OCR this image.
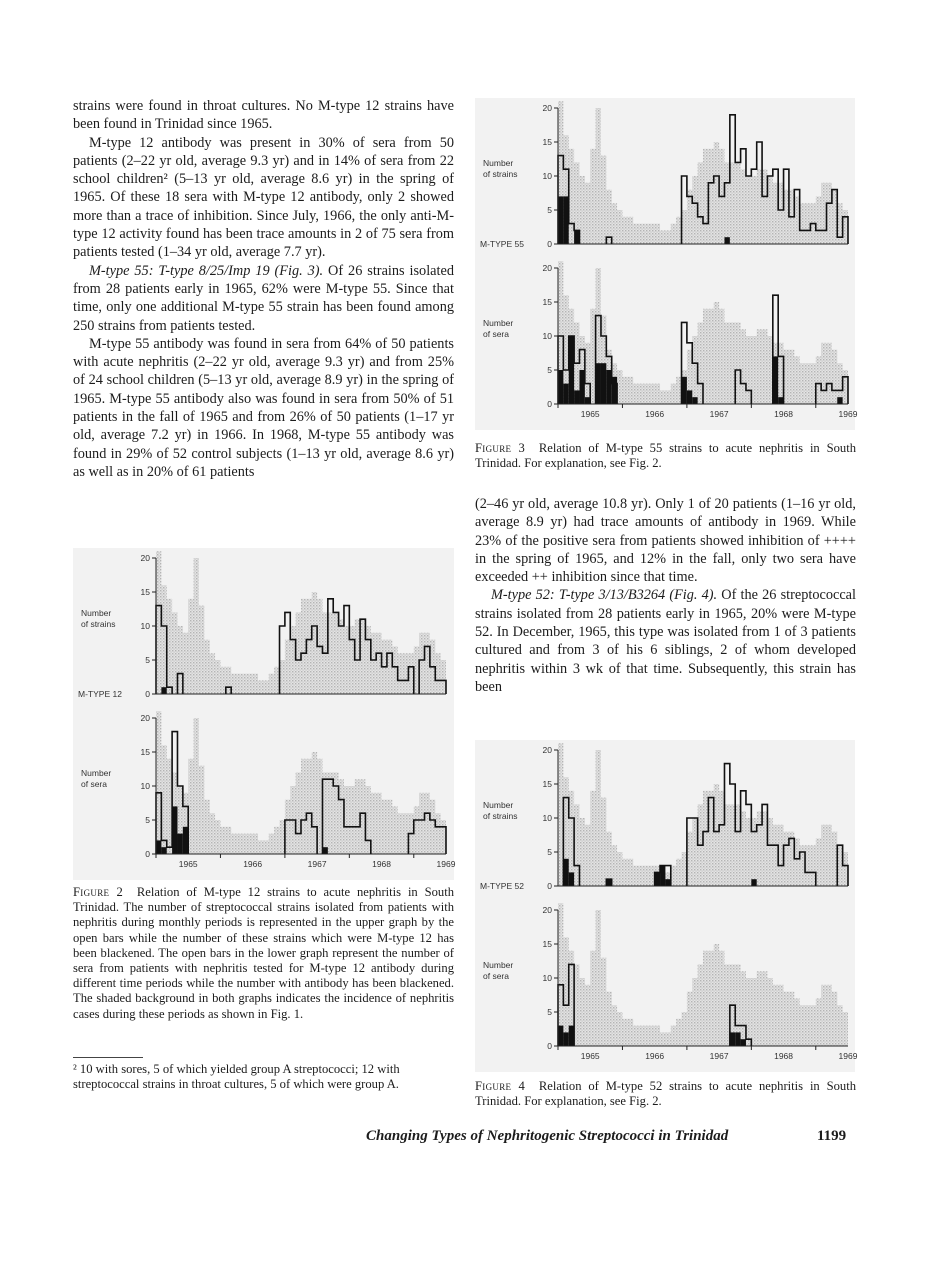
strains were found in throat cultures. No M-type 12 strains have been found in Trinidad since 1965.

M-type 12 antibody was present in 30% of sera from 50 patients (2–22 yr old, average 9.3 yr) and in 14% of sera from 22 school children² (5–13 yr old, average 8.6 yr) in the spring of 1965. Of these 18 sera with M-type 12 antibody, only 2 showed more than a trace of inhibition. Since July, 1966, the only anti-M-type 12 activity found has been trace amounts in 2 of 75 sera from patients tested (1–34 yr old, average 7.7 yr).

M-type 55: T-type 8/25/Imp 19 (Fig. 3). Of 26 strains isolated from 28 patients early in 1965, 62% were M-type 55. Since that time, only one additional M-type 55 strain has been found among 250 strains from patients tested.

M-type 55 antibody was found in sera from 64% of 50 patients with acute nephritis (2–22 yr old, average 9.3 yr) and from 25% of 24 school children (5–13 yr old, average 8.9 yr) in the spring of 1965. M-type 55 antibody also was found in sera from 50% of 51 patients in the fall of 1965 and from 26% of 50 patients (1–17 yr old, average 7.2 yr) in 1966. In 1968, M-type 55 antibody was found in 29% of 52 control subjects (1–13 yr old, average 8.6 yr) as well as in 20% of 61 patients

20
15
10
5
0
Number
of strains
M-TYPE 55
20
15
10
5
0
Number
of sera
1965	1966	1967	1968	1969
Figure 3 Relation of M-type 55 strains to acute nephritis in South Trinidad. For explanation, see Fig. 2.

(2–46 yr old, average 10.8 yr). Only 1 of 20 patients (1–16 yr old, average 8.9 yr) had trace amounts of antibody in 1969. While 23% of the positive sera from patients showed inhibition of ++++ in the spring of 1965, and 12% in the fall, only two sera have exceeded ++ inhibition since that time.

M-type 52: T-type 3/13/B3264 (Fig. 4). Of the 26 streptococcal strains isolated from 28 patients early in 1965, 20% were M-type 52. In December, 1965, this type was isolated from 1 of 3 patients cultured and from 3 of his 6 siblings, 2 of whom developed nephritis within 3 wk of that time. Subsequently, this strain has been

20
15
10
5
0
Number
of strains
M-TYPE 12
20
15
10
5
0
Number
of sera
1965	1966	1967	1968	1969
Figure 2 Relation of M-type 12 strains to acute nephritis in South Trinidad. The number of streptococcal strains isolated from patients with nephritis during monthly periods is represented in the upper graph by the open bars while the number of these strains which were M-type 12 has been blackened. The open bars in the lower graph represent the number of sera from patients with nephritis tested for M-type 12 antibody during different time periods while the number with antibody has been blackened. The shaded background in both graphs indicates the incidence of nephritis cases during these periods as shown in Fig. 1.
20
15
10
5
0
Number
of strains
M-TYPE 52
20
15
10
5
0
Number
of sera
1965	1966	1967	1968	1969
Figure 4 Relation of M-type 52 strains to acute nephritis in South Trinidad. For explanation, see Fig. 2.
² 10 with sores, 5 of which yielded group A streptococci; 12 with streptococcal strains in throat cultures, 5 of which were group A.
Changing Types of Nephritogenic Streptococci in Trinidad	1199
